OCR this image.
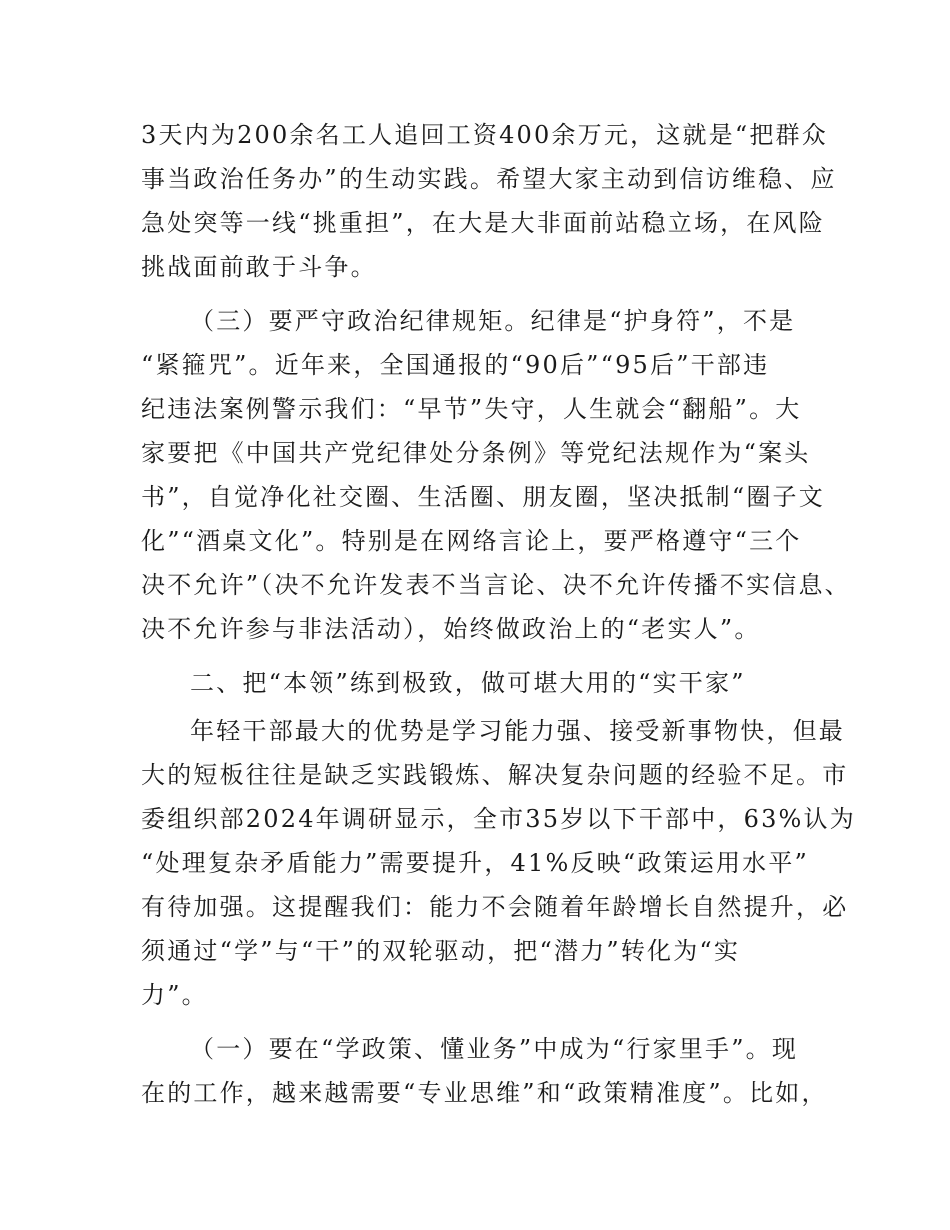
3天内为200余名工人追回工资400余万元，这就是“把群众
事当政治任务办”的生动实践。希望大家主动到信访维稳、应
急处突等一线“挑重担”，在大是大非面前站稳立场，在风险
挑战面前敢于斗争。
（三）要严守政治纪律规矩。纪律是“护身符”，不是
“紧箍咒”。近年来，全国通报的“90后”“95后”干部违
纪违法案例警示我们：“早节”失守，人生就会“翻船”。大
家要把《中国共产党纪律处分条例》等党纪法规作为“案头
书”，自觉净化社交圈、生活圈、朋友圈，坚决抵制“圈子文
化”“酒桌文化”。特别是在网络言论上，要严格遵守“三个
决不允许”（决不允许发表不当言论、决不允许传播不实信息、
决不允许参与非法活动），始终做政治上的“老实人”。
二、把“本领”练到极致，做可堪大用的“实干家”
年轻干部最大的优势是学习能力强、接受新事物快，但最
大的短板往往是缺乏实践锻炼、解决复杂问题的经验不足。市
委组织部2024年调研显示，全市35岁以下干部中，63%认为
“处理复杂矛盾能力”需要提升，41%反映“政策运用水平”
有待加强。这提醒我们：能力不会随着年龄增长自然提升，必
须通过“学”与“干”的双轮驱动，把“潜力”转化为“实
力”。
（一）要在“学政策、懂业务”中成为“行家里手”。现
在的工作，越来越需要“专业思维”和“政策精准度”。比如，
